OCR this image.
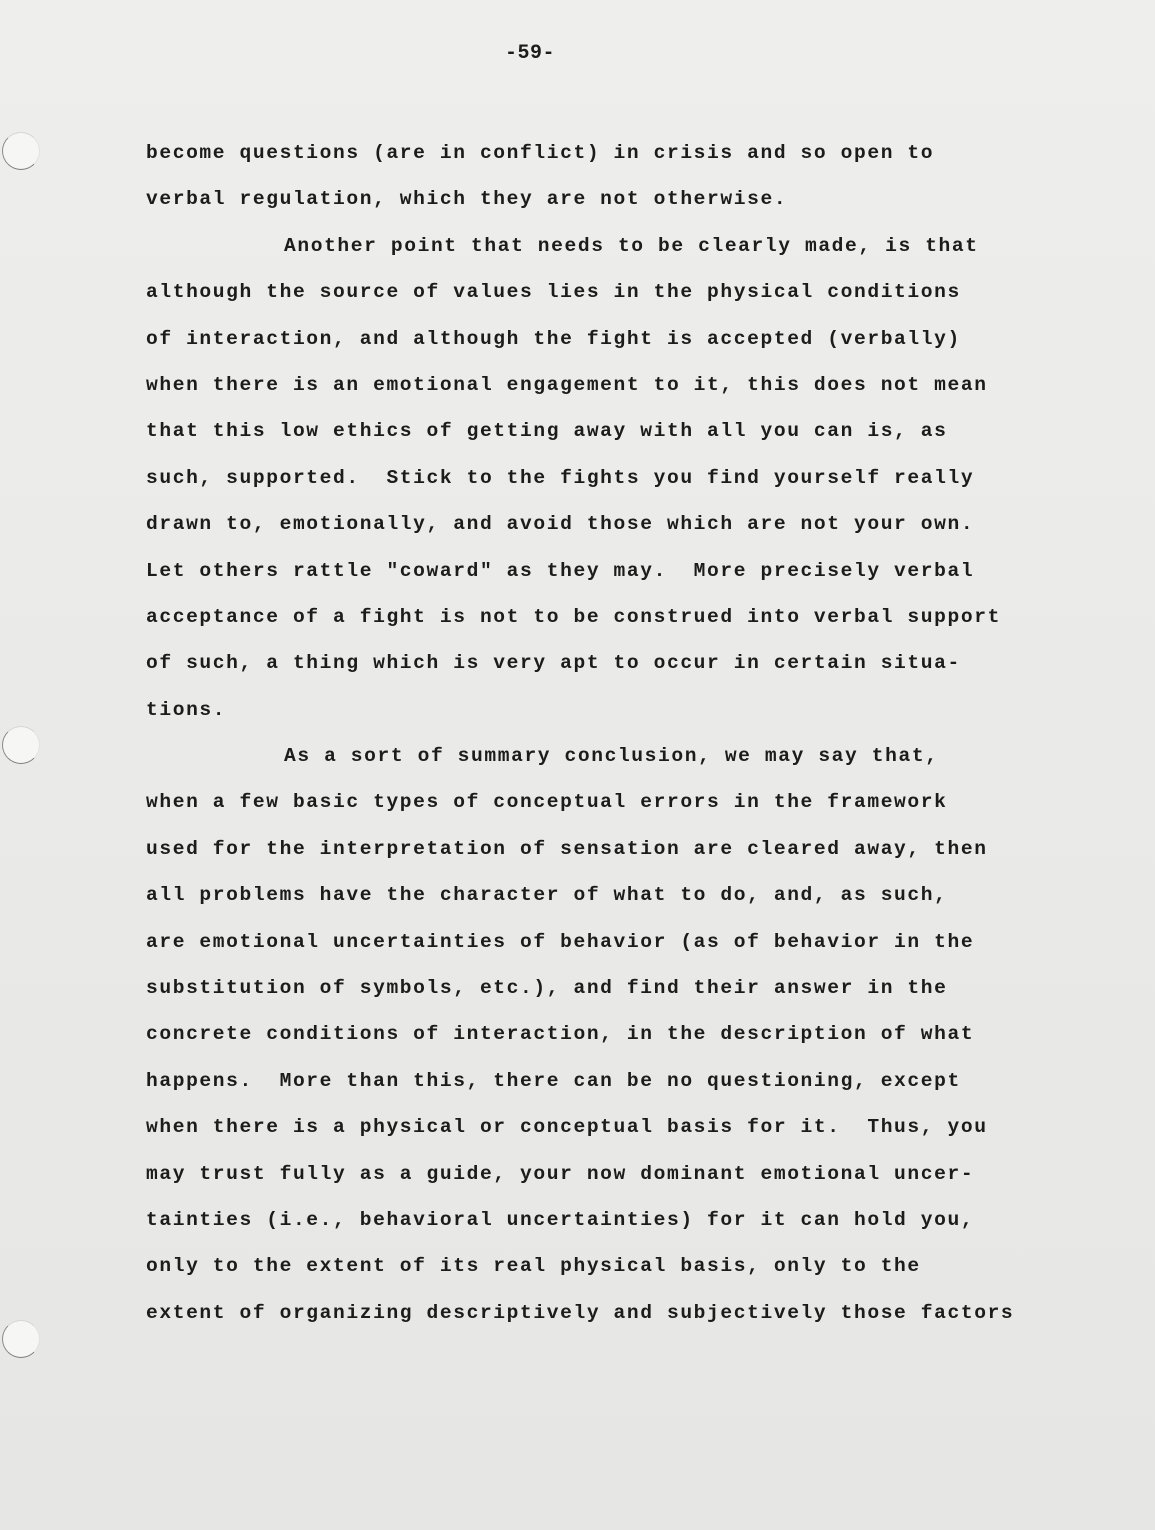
-59-
become questions (are in conflict) in crisis and so open to
verbal regulation, which they are not otherwise.
Another point that needs to be clearly made, is that
although the source of values lies in the physical conditions
of interaction, and although the fight is accepted (verbally)
when there is an emotional engagement to it, this does not mean
that this low ethics of getting away with all you can is, as
such, supported.  Stick to the fights you find yourself really
drawn to, emotionally, and avoid those which are not your own.
Let others rattle "coward" as they may.  More precisely verbal
acceptance of a fight is not to be construed into verbal support
of such, a thing which is very apt to occur in certain situa-
tions.
As a sort of summary conclusion, we may say that,
when a few basic types of conceptual errors in the framework
used for the interpretation of sensation are cleared away, then
all problems have the character of what to do, and, as such,
are emotional uncertainties of behavior (as of behavior in the
substitution of symbols, etc.), and find their answer in the
concrete conditions of interaction, in the description of what
happens.  More than this, there can be no questioning, except
when there is a physical or conceptual basis for it.  Thus, you
may trust fully as a guide, your now dominant emotional uncer-
tainties (i.e., behavioral uncertainties) for it can hold you,
only to the extent of its real physical basis, only to the
extent of organizing descriptively and subjectively those factors
